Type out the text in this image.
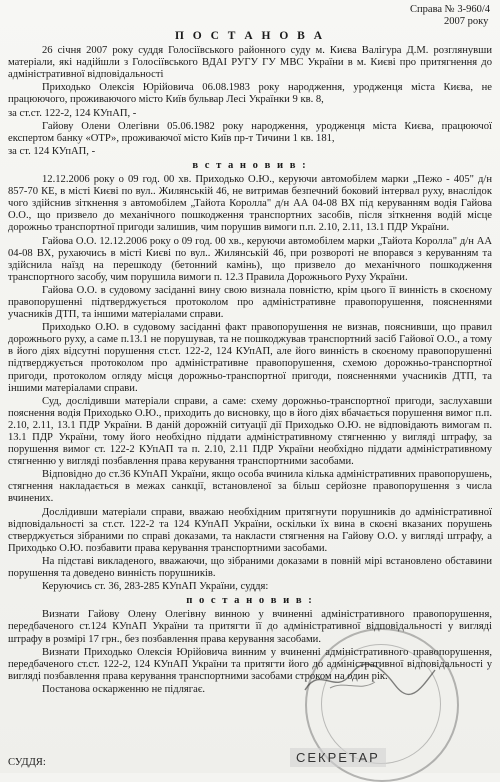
Справа № 3-960/4
2007 року
П О С Т А Н О В А

26 січня 2007 року суддя Голосіївського районного суду м. Києва Валігура Д.М. розглянувши матеріали, які надійшли з Голосіївського ВДАІ РУГУ ГУ МВС України в м. Києві про притягнення до адміністративної відповідальності

Приходько Олексія Юрійовича 06.08.1983 року народження, уродженця міста Києва, не працюючого, проживаючого місто Київ бульвар Лесі Українки 9 кв. 8,

за ст.ст. 122-2, 124 КУпАП, -

Гайову Олени Олегівни 05.06.1982 року народження, уродженця міста Києва, працюючої експертом банку «ОТР», проживаючої місто Київ пр-т Тичини 1 кв. 181,

за ст. 124 КУпАП, -

в с т а н о в и в :

12.12.2006 року о 09 год. 00 хв. Приходько О.Ю., керуючи автомобілем марки „Пежо - 405" д/н 857-70 КЕ, в місті Києві по вул.. Жилянській 46, не витримав безпечний боковий інтервал руху, внаслідок чого здійснив зіткнення з автомобілем „Тайота Королла" д/н АА 04-08 ВХ під керуванням водія Гайова О.О., що призвело до механічного пошкодження транспортних засобів, після зіткнення водій місце дорожньо транспортної пригоди залишив, чим порушив вимоги п.п. 2.10, 2.11, 13.1 ПДР України.

Гайова О.О. 12.12.2006 року о 09 год. 00 хв., керуючи автомобілем марки „Тайота Королла" д/н АА 04-08 ВХ, рухаючись в місті Києві по вул.. Жилянській 46, при розвороті не впорався з керуванням та здійснила наїзд на перешкоду (бетонний камінь), що призвело до механічного пошкодження транспортного засобу, чим порушила вимоги п. 12.3 Правила Дорожнього Руху України.

Гайова О.О. в судовому засіданні вину свою визнала повністю, крім цього її винність в скоєному правопорушенні підтверджується протоколом про адміністративне правопорушення, поясненнями учасників ДТП, та іншими матеріалами справи.

Приходько О.Ю. в судовому засіданні факт правопорушення не визнав, пояснивши, що правил дорожнього руху, а саме п.13.1 не порушував, та не пошкоджував транспортний засіб Гайової О.О., а тому в його діях відсутні порушення ст.ст. 122-2, 124 КУпАП, але його винність в скоєному правопорушенні підтверджується протоколом про адміністративне правопорушення, схемою дорожньо-транспортної пригоди, протоколом огляду місця дорожньо-транспортної пригоди, поясненнями учасників ДТП, та іншими матеріалами справи.

Суд, дослідивши матеріали справи, а саме: схему дорожньо-транспортної пригоди, заслухавши пояснення водія Приходько О.Ю., приходить до висновку, що в його діях вбачається порушення вимог п.п. 2.10, 2.11, 13.1 ПДР України. В даній дорожній ситуації дії Приходько О.Ю. не відповідають вимогам п. 13.1 ПДР України, тому його необхідно піддати адміністративному стягненню у вигляді штрафу, за порушення вимог ст. 122-2 КУпАП та п. 2.10, 2.11 ПДР України необхідно піддати адміністративному стягненню у вигляді позбавлення права керування транспортними засобами.

Відповідно до ст.36 КУпАП України, якщо особа вчинила кілька адміністративних правопорушень, стягнення накладається в межах санкції, встановленої за більш серйозне правопорушення з числа вчинених.

Дослідивши матеріали справи, вважаю необхідним притягнути порушників до адміністративної відповідальності за ст.ст. 122-2 та 124 КУпАП України, оскільки їх вина в скоєні вказаних порушень стверджується зібраними по справі доказами, та накласти стягнення на Гайову О.О. у вигляді штрафу, а Приходько О.Ю. позбавити права керування транспортними засобами.

На підставі викладеного, вважаючи, що зібраними доказами в повній мірі встановлено обставини порушення та доведено винність порушників.

Керуючись ст. 36, 283-285 КУпАП України, суддя:

п о с т а н о в и в :

Визнати Гайову Олену Олегівну винною у вчиненні адміністративного правопорушення, передбаченого ст.124 КУпАП України та притягти її до адміністративної відповідальності у вигляді штрафу в розмірі 17 грн., без позбавлення права керування засобами.

Визнати Приходько Олексія Юрійовича винним у вчиненні адміністративного правопорушення, передбаченого ст.ст. 122-2, 124 КУпАП України та притягти його до адміністративної відповідальності у вигляді позбавлення права керування транспортними засобами строком на один рік.

Постанова оскарженню не підлягає.

СЕКРЕТАР
СУДДЯ:
